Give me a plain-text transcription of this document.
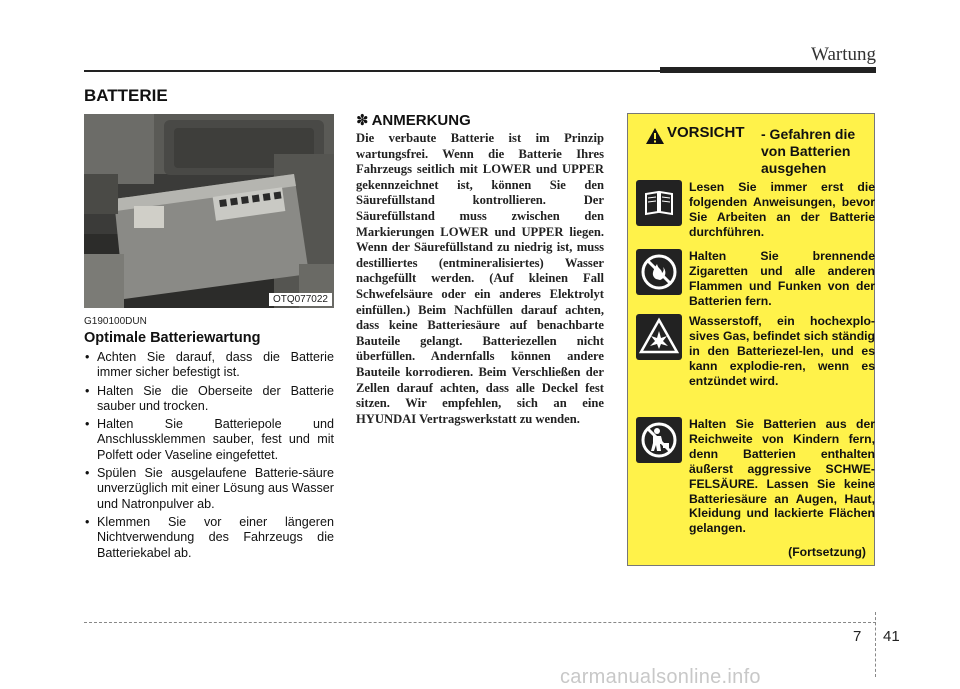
Wartung
BATTERIE
OTQ077022
G190100DUN
Optimale Batteriewartung
• Achten Sie darauf, dass die Batterie immer sicher befestigt ist.
• Halten Sie die Oberseite der Batterie sauber und trocken.
• Halten Sie Batteriepole und Anschlussklemmen sauber, fest und mit Polfett oder Vaseline eingefettet.
• Spülen Sie ausgelaufene Batterie-säure unverzüglich mit einer Lösung aus Wasser und Natronpulver ab.
• Klemmen Sie vor einer längeren Nichtverwendung des Fahrzeugs die Batteriekabel ab.
✽ ANMERKUNG

Die verbaute Batterie ist im Prinzip wartungsfrei. Wenn die Batterie Ihres Fahrzeugs seitlich mit LOWER und UPPER gekennzeichnet ist, können Sie den Säurefüllstand kontrollieren. Der Säurefüllstand muss zwischen den Markierungen LOWER und UPPER liegen. Wenn der Säurefüllstand zu niedrig ist, muss destilliertes (entmineralisiertes) Wasser nachgefüllt werden. (Auf kleinen Fall Schwefelsäure oder ein anderes Elektrolyt einfüllen.) Beim Nachfüllen darauf achten, dass keine Batteriesäure auf benachbarte Bauteile gelangt. Batteriezellen nicht überfüllen. Andernfalls können andere Bauteile korrodieren. Beim Verschließen der Zellen darauf achten, dass alle Deckel fest sitzen. Wir empfehlen, sich an eine HYUNDAI Vertragswerkstatt zu wenden.

VORSICHT - Gefahren die von Batterien ausgehen
Lesen Sie immer erst die folgenden Anweisungen, bevor Sie Arbeiten an der Batterie durchführen.
Halten Sie brennende Zigaretten und alle anderen Flammen und Funken von der Batterien fern.
Wasserstoff, ein hochexplo-sives Gas, befindet sich ständig in den Batteriezel-len, und es kann explodie-ren, wenn es entzündet wird.
Halten Sie Batterien aus der Reichweite von Kindern fern, denn Batterien enthalten äußerst aggressive SCHWE-FELSÄURE. Lassen Sie keine Batteriesäure an Augen, Haut, Kleidung und lackierte Flächen gelangen.
(Fortsetzung)
7 41
carmanualsonline.info
